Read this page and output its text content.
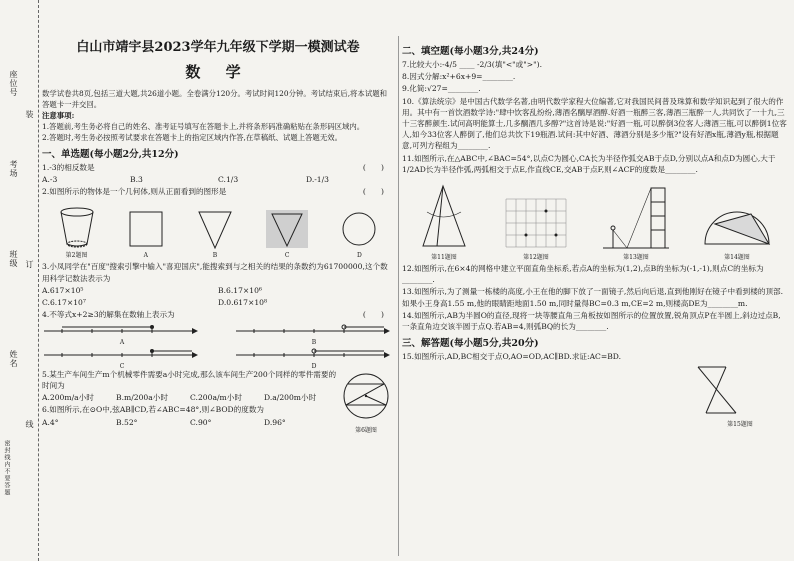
座位号
考场
班级
姓名
装
订
线
密封线内不要答题
白山市靖宇县2023学年九年级下学期一模测试卷
数 学

数学试卷共8页,包括三道大题,共26道小题。全卷满分120分。考试时间120分钟。考试结束后,将本试题和答题卡一并交回。

注意事项:

1.答题前,考生务必将自己的姓名、准考证号填写在答题卡上,并将条形码准确粘贴在条形码区域内。

2.答题时,考生务必按照考试要求在答题卡上的指定区域内作答,在草稿纸、试题上答题无效。

一、单选题(每小题2分,共12分)
1.-3的相反数是	(　　)
A.-3	B.3	C.1/3	D.-1/3
2.如图所示的物体是一个几何体,则从正面看到的图形是	(　　)
第2题图	A	B	C	D
3.小凤同学在"百度"搜索引擎中输入"喜迎国庆",能搜索到与之相关的结果的条数约为61700000,这个数用科学记数法表示为
A.617×10⁵	B.6.17×10⁶
C.6.17×10⁷	D.0.617×10⁸
4.不等式x+2≥3的解集在数轴上表示为	(　　)
A	B
C	D
5.某生产车间生产m个机械零件需要a小时完成,那么该车间生产200个同样的零件需要的时间为
A.200m/a小时	B.m/200a小时	C.200a/m小时	D.a/200m小时
6.如图所示,在⊙O中,弦AB∥CD,若∠ABC=48°,则∠BOD的度数为
A.4°	B.52°	C.90°	D.96°
第6题图
二、填空题(每小题3分,共24分)
7.比较大小:-4/5 ____ -2/3(填"<"或">").
8.因式分解:x²+6x+9=________.
9.化简:√27=________.
10.《算法统宗》是中国古代数学名著,由明代数学家程大位编著,它对我国民间普及珠算和数学知识起到了很大的作用。其中有一首饮酒数学诗:"肆中饮客乱纷纷,薄酒名醨厚酒醇.好酒一瓶醉三客,薄酒三瓶醉一人,共同饮了一十九,三十三客醉颜生.试问高明能算士,几多醨酒几多醇?"这首诗是说:"好酒一瓶,可以醉倒3位客人;薄酒三瓶,可以醉倒1位客人,如今33位客人醉倒了,他们总共饮下19瓶酒.试问:其中好酒、薄酒分别是多少瓶?"设有好酒x瓶,薄酒y瓶,根据题意,可列方程组为________.
11.如图所示,在△ABC中,∠BAC=54°,以点C为圆心,CA长为半径作弧交AB于点D,分别以点A和点D为圆心,大于1/2AD长为半径作弧,两弧相交于点E,作直线CE,交AB于点F,则∠ACF的度数是________.
第11题图	第12题图	第13题图	第14题图
12.如图所示,在6×4的网格中建立平面直角坐标系,若点A的坐标为(1,2),点B的坐标为(-1,-1),则点C的坐标为________.
13.如图所示,为了测量一栋楼的高度,小王在他的脚下放了一面镜子,然后向后退,直到他刚好在镜子中看到楼的顶部.如果小王身高1.55 m,他的眼睛距地面1.50 m,同时量得BC=0.3 m,CE=2 m,则楼高DE为________m.
14.如图所示,AB为半圆O的直径,现将一块等腰直角三角板按如图所示的位置放置,锐角顶点P在半圆上,斜边过点B,一条直角边交该半圆于点Q.若AB=4,则弧BQ的长为________.
三、解答题(每小题5分,共20分)
15.如图所示,AD,BC相交于点O,AO=OD,AC∥BD.求证:AC=BD.
第15题图
